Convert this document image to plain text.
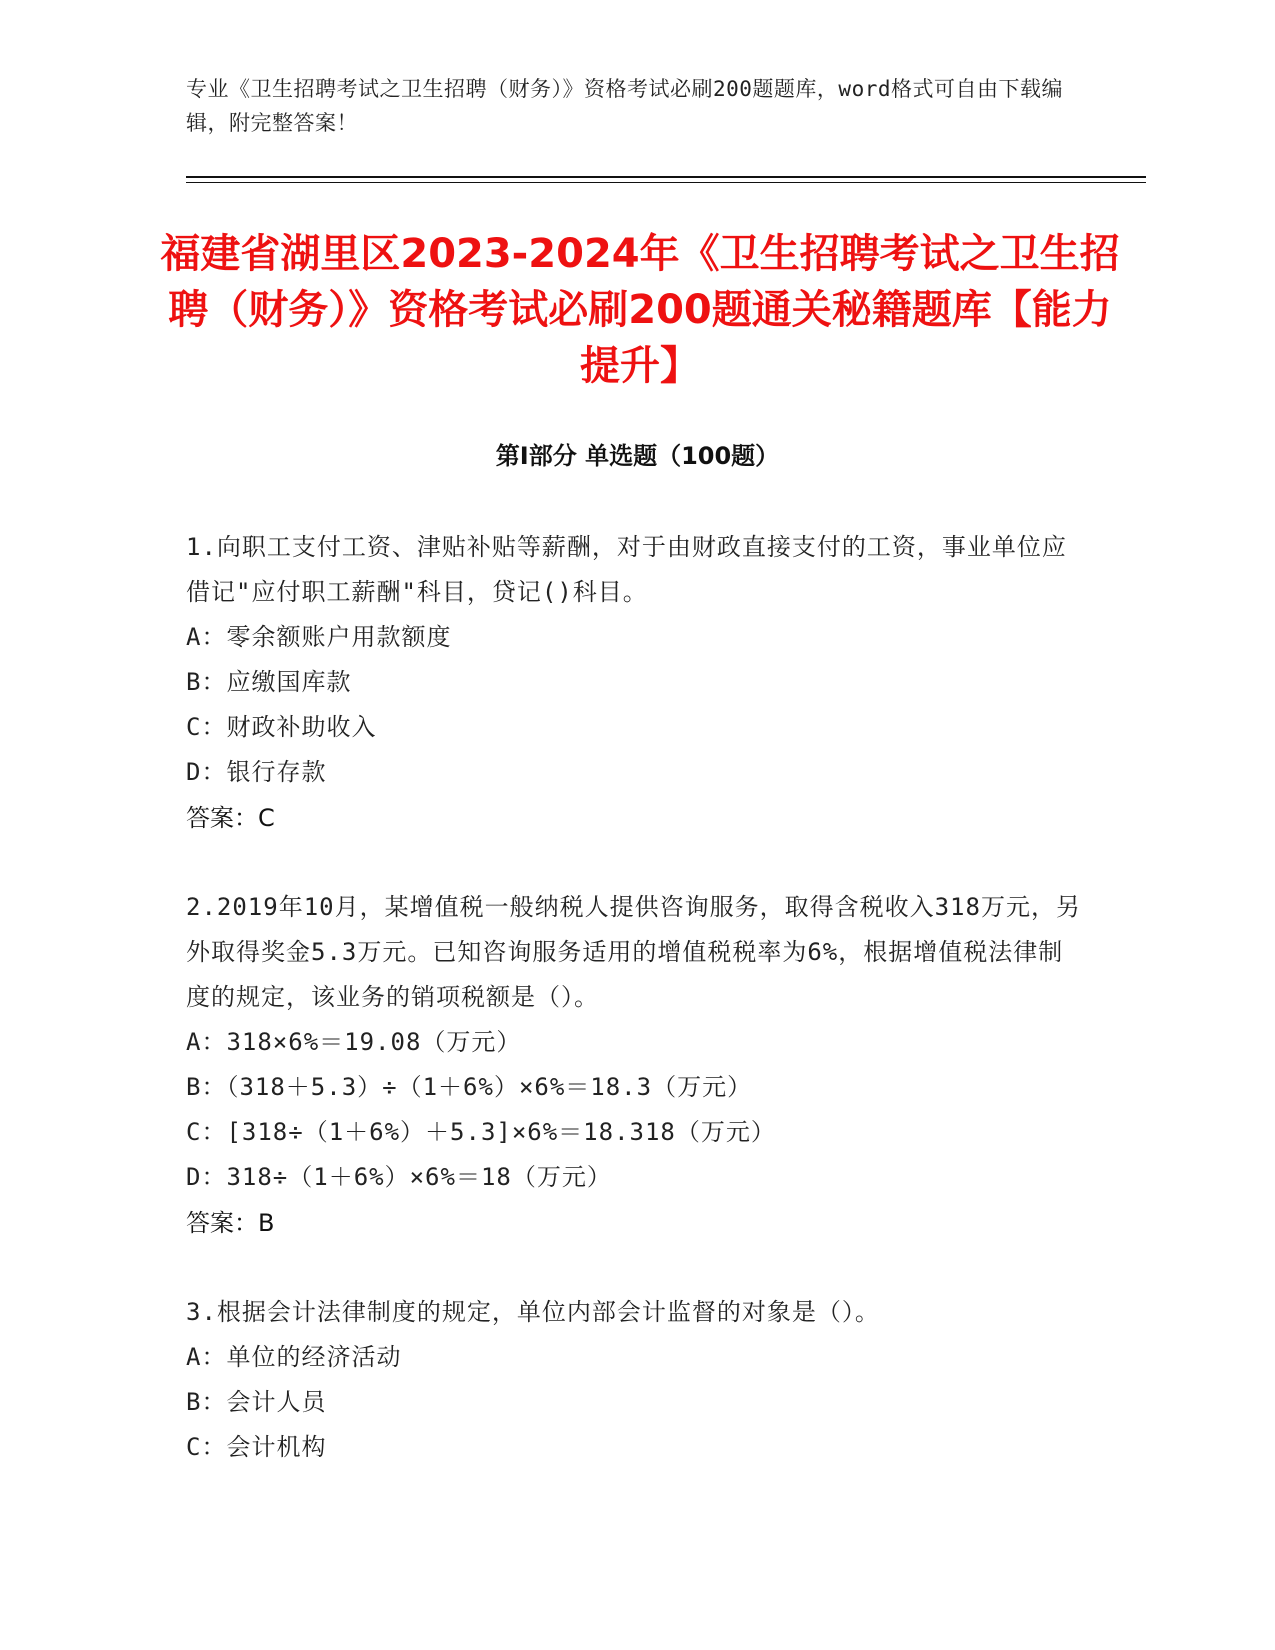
专业《卫生招聘考试之卫生招聘（财务）》资格考试必刷200题题库，word格式可自由下载编辑，附完整答案！
福建省湖里区2023-2024年《卫生招聘考试之卫生招聘（财务）》资格考试必刷200题通关秘籍题库【能力提升】
第I部分 单选题（100题）
1.向职工支付工资、津贴补贴等薪酬，对于由财政直接支付的工资，事业单位应借记"应付职工薪酬"科目，贷记()科目。
A：零余额账户用款额度
B：应缴国库款
C：财政补助收入
D：银行存款
答案：C
2.2019年10月，某增值税一般纳税人提供咨询服务，取得含税收入318万元，另外取得奖金5.3万元。已知咨询服务适用的增值税税率为6%，根据增值税法律制度的规定，该业务的销项税额是（）。
A：318×6%＝19.08（万元）
B：（318＋5.3）÷（1＋6%）×6%＝18.3（万元）
C：[318÷（1＋6%）＋5.3]×6%＝18.318（万元）
D：318÷（1＋6%）×6%＝18（万元）
答案：B
3.根据会计法律制度的规定，单位内部会计监督的对象是（）。
A：单位的经济活动
B：会计人员
C：会计机构
